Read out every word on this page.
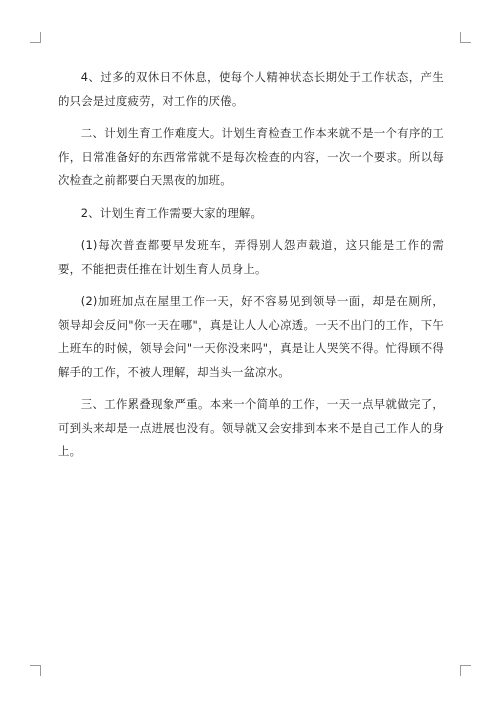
4、过多的双休日不休息，使每个人精神状态长期处于工作状态，产生的只会是过度疲劳，对工作的厌倦。

二、计划生育工作难度大。计划生育检查工作本来就不是一个有序的工作，日常准备好的东西常常就不是每次检查的内容，一次一个要求。所以每次检查之前都要白天黑夜的加班。

2、计划生育工作需要大家的理解。

(1)每次普查都要早发班车，弄得别人怨声载道，这只能是工作的需要，不能把责任推在计划生育人员身上。

(2)加班加点在屋里工作一天，好不容易见到领导一面，却是在厕所，领导却会反问"你一天在哪"，真是让人人心凉透。一天不出门的工作，下午上班车的时候，领导会问"一天你没来吗"，真是让人哭笑不得。忙得顾不得解手的工作，不被人理解，却当头一盆凉水。

三、工作累叠现象严重。本来一个简单的工作，一天一点早就做完了，可到头来却是一点进展也没有。领导就又会安排到本来不是自己工作人的身上。
